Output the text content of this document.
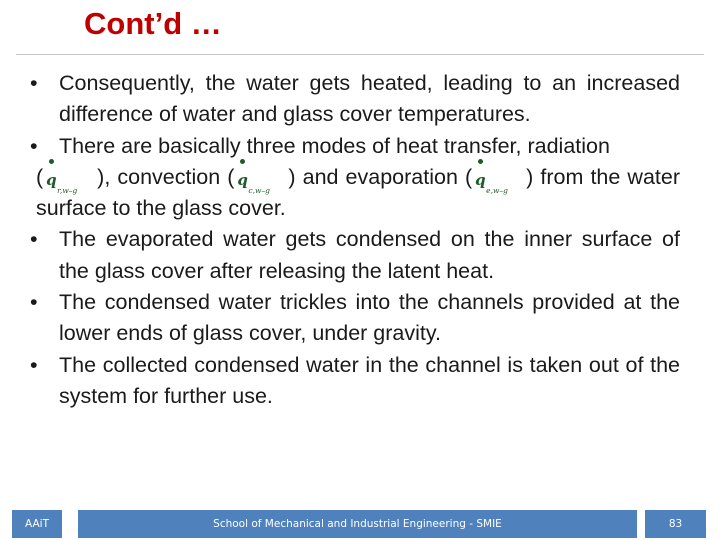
Cont’d …
• Consequently, the water gets heated, leading to an increased difference of water and glass cover temperatures.
• There are basically three modes of heat transfer, radiation
( q
r,w–g
), convection ( q
c,w–g
) and evaporation ( q
e,w–g
) from the water surface to the glass cover.
• The evaporated water gets condensed on the inner surface of the glass cover after releasing the latent heat.
• The condensed water trickles into the channels provided at the lower ends of glass cover, under gravity.
• The collected condensed water in the channel is taken out of the system for further use.
AAiT	School of Mechanical and Industrial Engineering - SMIE	83
